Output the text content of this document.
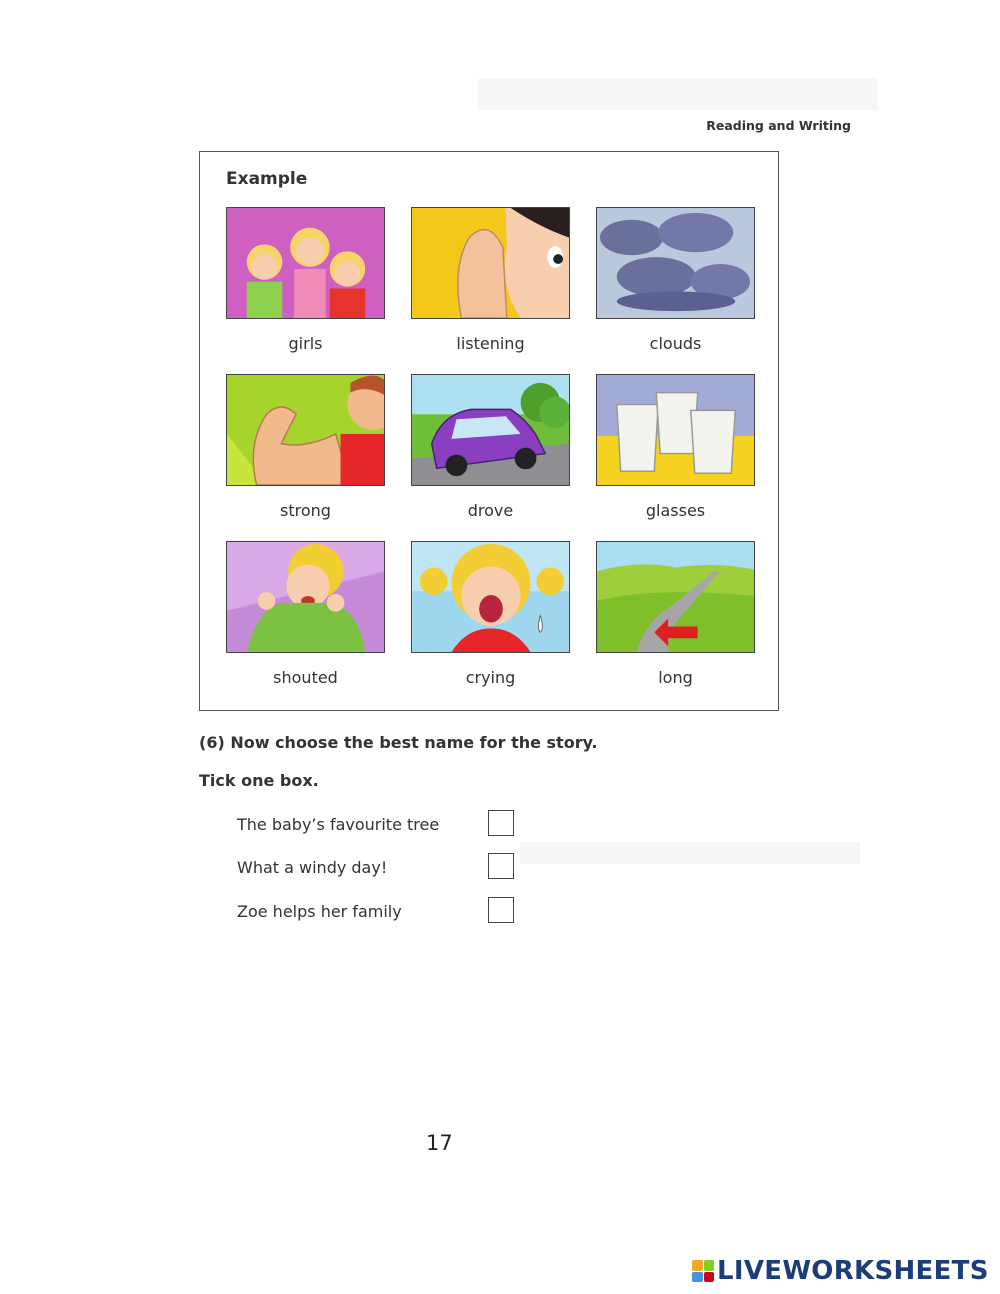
Reading and Writing
Example
girls	listening	clouds
strong	drove	glasses
shouted	crying	long
(6) Now choose the best name for the story.
Tick one box.
The baby’s favourite tree
What a windy day!
Zoe helps her family
17
LIVEWORKSHEETS
